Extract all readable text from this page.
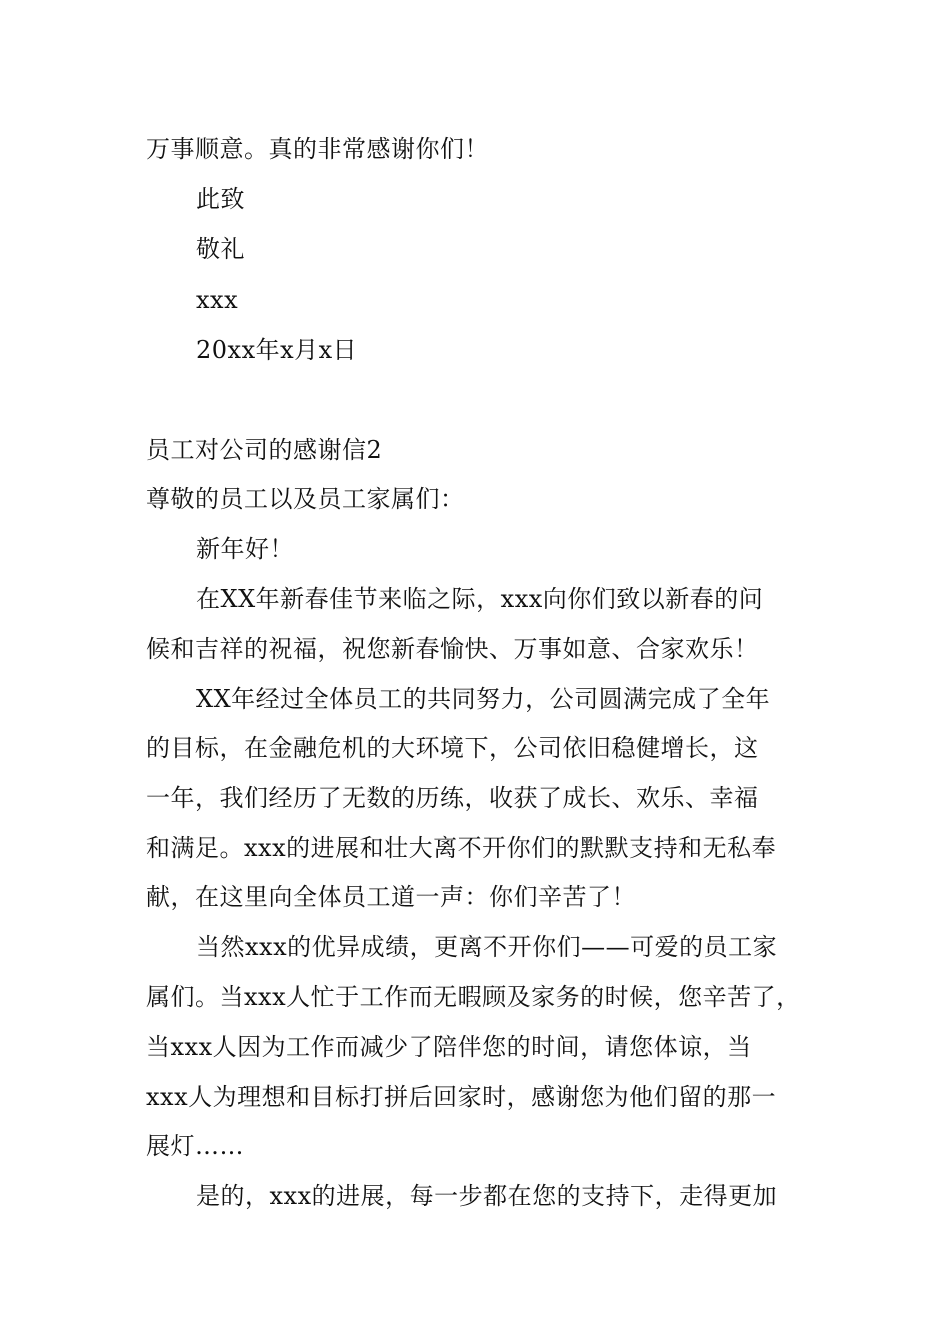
万事顺意。真的非常感谢你们！
此致
敬礼
xxx
20xx年x月x日
员工对公司的感谢信2
尊敬的员工以及员工家属们：
新年好！
在XX年新春佳节来临之际，xxx向你们致以新春的问
候和吉祥的祝福，祝您新春愉快、万事如意、合家欢乐！
XX年经过全体员工的共同努力，公司圆满完成了全年
的目标，在金融危机的大环境下，公司依旧稳健增长，这
一年，我们经历了无数的历练，收获了成长、欢乐、幸福
和满足。xxx的进展和壮大离不开你们的默默支持和无私奉
献，在这里向全体员工道一声：你们辛苦了！
当然xxx的优异成绩，更离不开你们——可爱的员工家
属们。当xxx人忙于工作而无暇顾及家务的时候，您辛苦了，
当xxx人因为工作而减少了陪伴您的时间，请您体谅，当
xxx人为理想和目标打拼后回家时，感谢您为他们留的那一
展灯……
是的，xxx的进展，每一步都在您的支持下，走得更加
